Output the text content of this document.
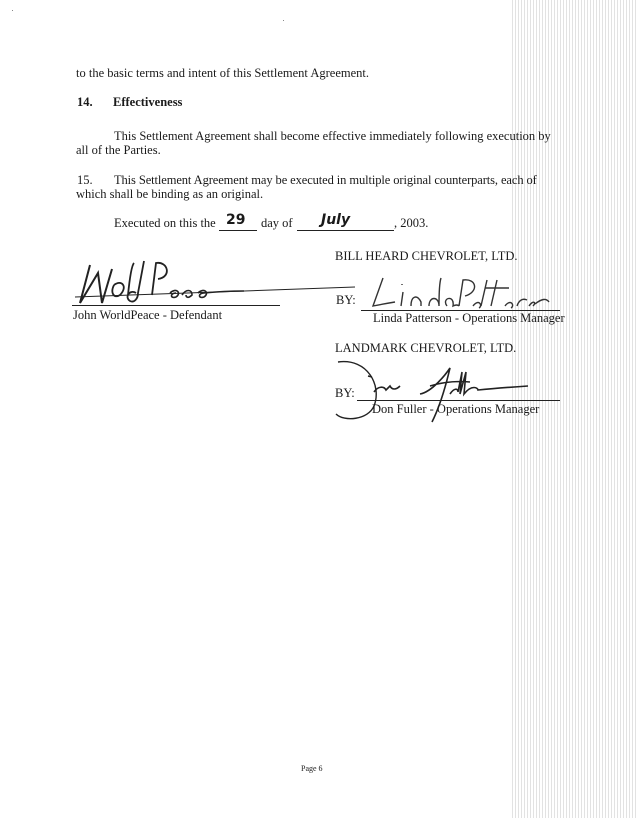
to the basic terms and intent of this Settlement Agreement.
14. Effectiveness
This Settlement Agreement shall become effective immediately following execution by all of the Parties.
15. This Settlement Agreement may be executed in multiple original counterparts, each of
which shall be binding as an original.
Executed on this the 29 day of July	, 2003.
BILL HEARD CHEVROLET, LTD.
John WorldPeace - Defendant
BY:
Linda Patterson - Operations Manager
LANDMARK CHEVROLET, LTD.
BY:
Don Fuller - Operations Manager
Page 6
